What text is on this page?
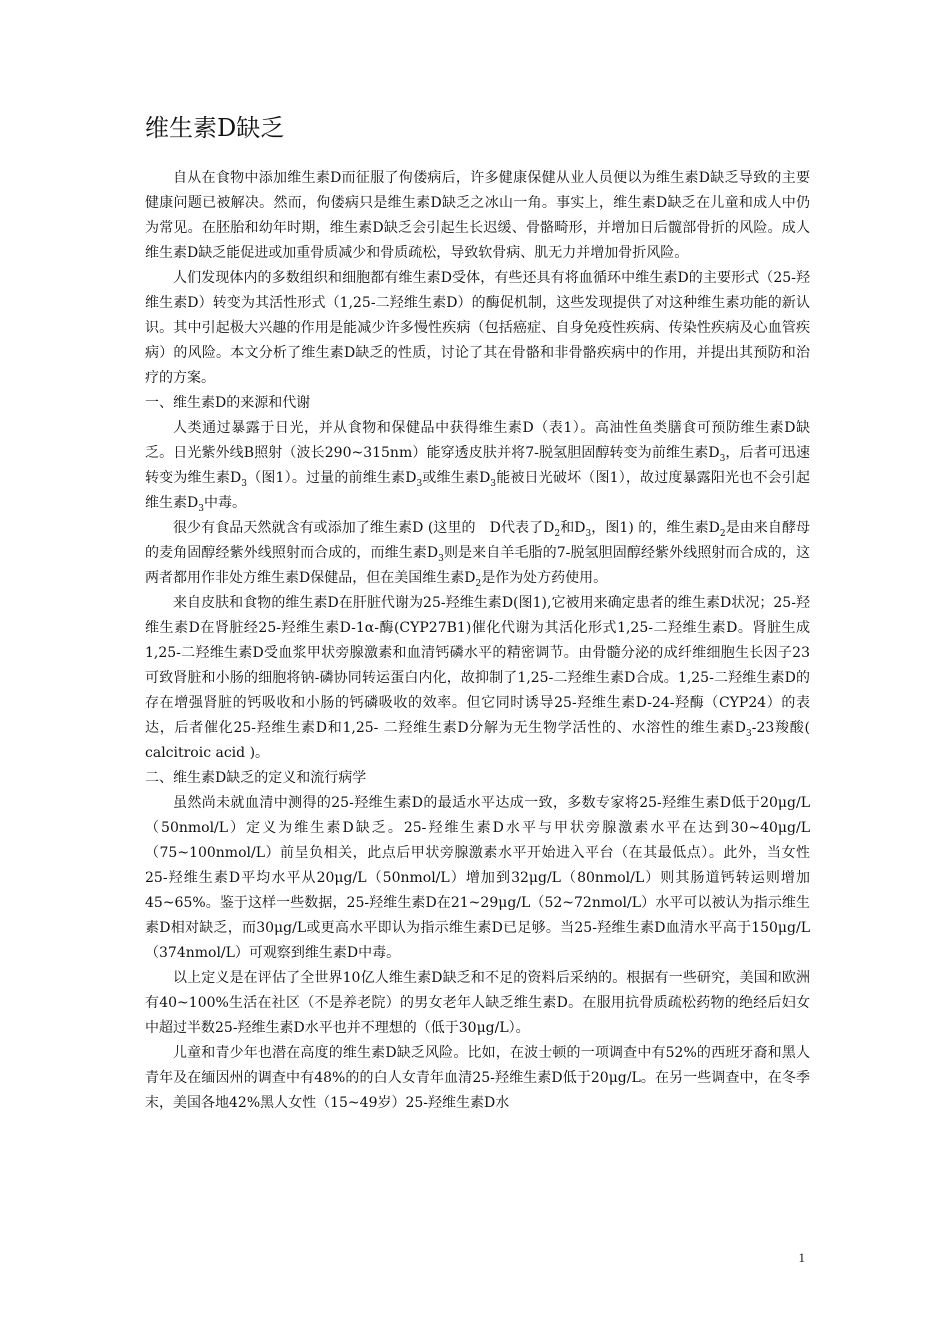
维生素D缺乏

自从在食物中添加维生素D而征服了佝偻病后，许多健康保健从业人员便以为维生素D缺乏导致的主要健康问题已被解决。然而，佝偻病只是维生素D缺乏之冰山一角。事实上，维生素D缺乏在儿童和成人中仍为常见。在胚胎和幼年时期，维生素D缺乏会引起生长迟缓、骨骼畸形，并增加日后髋部骨折的风险。成人维生素D缺乏能促进或加重骨质减少和骨质疏松，导致软骨病、肌无力并增加骨折风险。

人们发现体内的多数组织和细胞都有维生素D受体，有些还具有将血循环中维生素D的主要形式（25-羟维生素D）转变为其活性形式（1,25-二羟维生素D）的酶促机制，这些发现提供了对这种维生素功能的新认识。其中引起极大兴趣的作用是能减少许多慢性疾病（包括癌症、自身免疫性疾病、传染性疾病及心血管疾病）的风险。本文分析了维生素D缺乏的性质，讨论了其在骨骼和非骨骼疾病中的作用，并提出其预防和治疗的方案。

一、维生素D的来源和代谢

人类通过暴露于日光，并从食物和保健品中获得维生素D（表1）。高油性鱼类膳食可预防维生素D缺乏。日光紫外线B照射（波长290~315nm）能穿透皮肤并将7-脱氢胆固醇转变为前维生素$D_3$，后者可迅速转变为维生素$D_3$（图1）。过量的前维生素$D_3$或维生素$D_3$能被日光破坏（图1），故过度暴露阳光也不会引起维生素$D_3$中毒。

很少有食品天然就含有或添加了维生素D (这里的　D代表了$D_2$和$D_3$，图1) 的，维生素$D_2$是由来自酵母的麦角固醇经紫外线照射而合成的，而维生素$D_3$则是来自羊毛脂的7-脱氢胆固醇经紫外线照射而合成的，这两者都用作非处方维生素D保健品，但在美国维生素$D_2$是作为处方药使用。

来自皮肤和食物的维生素D在肝脏代谢为25-羟维生素D(图1),它被用来确定患者的维生素D状况；25-羟维生素D在肾脏经25-羟维生素D-1α-酶(CYP27B1)催化代谢为其活化形式1,25-二羟维生素D。肾脏生成1,25-二羟维生素D受血浆甲状旁腺激素和血清钙磷水平的精密调节。由骨髓分泌的成纤维细胞生长因子23可致肾脏和小肠的细胞将钠-磷协同转运蛋白内化，故抑制了1,25-二羟维生素D合成。1,25-二羟维生素D的存在增强肾脏的钙吸收和小肠的钙磷吸收的效率。但它同时诱导25-羟维生素D-24-羟酶（CYP24）的表达，后者催化25-羟维生素D和1,25- 二羟维生素D分解为无生物学活性的、水溶性的维生素$D_3-23$羧酸( calcitroic acid )。

二、维生素D缺乏的定义和流行病学

虽然尚未就血清中测得的25-羟维生素D的最适水平达成一致，多数专家将25-羟维生素D低于20μg/L（50nmol/L）定义为维生素D缺乏。25-羟维生素D水平与甲状旁腺激素水平在达到30~40μg/L（75~100nmol/L）前呈负相关，此点后甲状旁腺激素水平开始进入平台（在其最低点）。此外，当女性25-羟维生素D平均水平从20μg/L（50nmol/L）增加到32μg/L（80nmol/L）则其肠道钙转运则增加45~65%。鉴于这样一些数据，25-羟维生素D在21~29μg/L（52~72nmol/L）水平可以被认为指示维生素D相对缺乏，而30μg/L或更高水平即认为指示维生素D已足够。当25-羟维生素D血清水平高于150μg/L（374nmol/L）可观察到维生素D中毒。

以上定义是在评估了全世界10亿人维生素D缺乏和不足的资料后采纳的。根据有一些研究，美国和欧洲有40~100%生活在社区（不是养老院）的男女老年人缺乏维生素D。在服用抗骨质疏松药物的绝经后妇女中超过半数25-羟维生素D水平也并不理想的（低于30μg/L）。

儿童和青少年也潜在高度的维生素D缺乏风险。比如，在波士顿的一项调查中有52%的西班牙裔和黑人青年及在缅因州的调查中有48%的的白人女青年血清25-羟维生素D低于20μg/L。在另一些调查中，在冬季末，美国各地42%黑人女性（15~49岁）25-羟维生素D水

1
